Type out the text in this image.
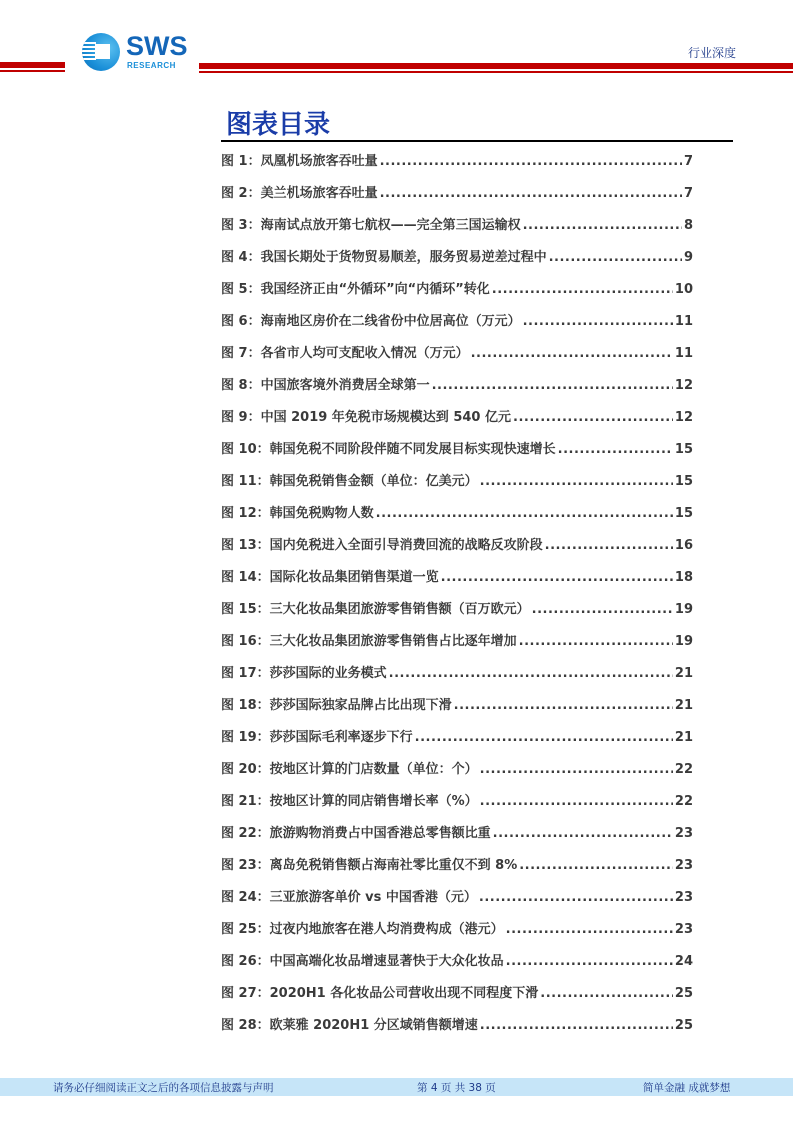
SWS
RESEARCH
行业深度
图表目录
图 1：凤凰机场旅客吞吐量 .....	7
图 2：美兰机场旅客吞吐量 .....	7
图 3：海南试点放开第七航权——完全第三国运输权 .....	8
图 4：我国长期处于货物贸易顺差，服务贸易逆差过程中 .....	9
图 5：我国经济正由“外循环”向“内循环”转化 .....	10
图 6：海南地区房价在二线省份中位居高位（万元） .....	11
图 7：各省市人均可支配收入情况（万元） .....	11
图 8：中国旅客境外消费居全球第一 .....	12
图 9：中国 2019 年免税市场规模达到 540 亿元 .....	12
图 10：韩国免税不同阶段伴随不同发展目标实现快速增长 .....	15
图 11：韩国免税销售金额（单位：亿美元） .....	15
图 12：韩国免税购物人数 .....	15
图 13：国内免税进入全面引导消费回流的战略反攻阶段 .....	16
图 14：国际化妆品集团销售渠道一览 .....	18
图 15：三大化妆品集团旅游零售销售额（百万欧元） .....	19
图 16：三大化妆品集团旅游零售销售占比逐年增加 .....	19
图 17：莎莎国际的业务模式 .....	21
图 18：莎莎国际独家品牌占比出现下滑 .....	21
图 19：莎莎国际毛利率逐步下行 .....	21
图 20：按地区计算的门店数量（单位：个） .....	22
图 21：按地区计算的同店销售增长率（%） .....	22
图 22：旅游购物消费占中国香港总零售额比重 .....	23
图 23：离岛免税销售额占海南社零比重仅不到 8% .....	23
图 24：三亚旅游客单价 vs 中国香港（元） .....	23
图 25：过夜内地旅客在港人均消费构成（港元） .....	23
图 26：中国高端化妆品增速显著快于大众化妆品 .....	24
图 27：2020H1 各化妆品公司营收出现不同程度下滑 .....	25
图 28：欧莱雅 2020H1 分区域销售额增速 .....	25
请务必仔细阅读正文之后的各项信息披露与声明	第 4 页 共 38 页	简单金融 成就梦想
